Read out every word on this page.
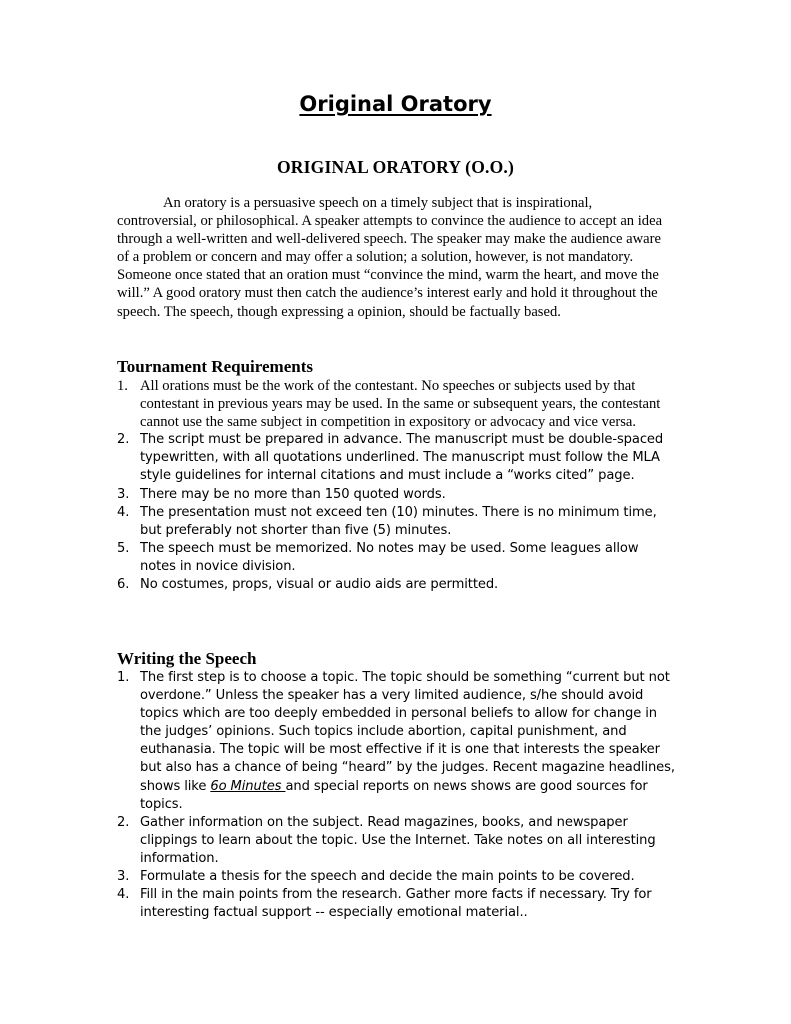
Original Oratory
ORIGINAL ORATORY (O.O.)

An oratory is a persuasive speech on a timely subject that is inspirational, controversial, or philosophical. A speaker attempts to convince the audience to accept an idea through a well-written and well-delivered speech. The speaker may make the audience aware of a problem or concern and may offer a solution; a solution, however, is not mandatory. Someone once stated that an oration must “convince the mind, warm the heart, and move the will.” A good oratory must then catch the audience’s interest early and hold it throughout the speech. The speech, though expressing a opinion, should be factually based.

Tournament Requirements
1. All orations must be the work of the contestant. No speeches or subjects used by that contestant in previous years may be used. In the same or subsequent years, the contestant cannot use the same subject in competition in expository or advocacy and vice versa.
2. The script must be prepared in advance. The manuscript must be double-spaced typewritten, with all quotations underlined. The manuscript must follow the MLA style guidelines for internal citations and must include a “works cited” page.
3. There may be no more than 150 quoted words.
4. The presentation must not exceed ten (10) minutes. There is no minimum time, but preferably not shorter than five (5) minutes.
5. The speech must be memorized. No notes may be used. Some leagues allow notes in novice division.
6. No costumes, props, visual or audio aids are permitted.
Writing the Speech
1. The first step is to choose a topic. The topic should be something “current but not overdone.” Unless the speaker has a very limited audience, s/he should avoid topics which are too deeply embedded in personal beliefs to allow for change in the judges’ opinions. Such topics include abortion, capital punishment, and euthanasia. The topic will be most effective if it is one that interests the speaker but also has a chance of being “heard” by the judges. Recent magazine headlines, shows like 6o Minutes and special reports on news shows are good sources for topics.
2. Gather information on the subject. Read magazines, books, and newspaper clippings to learn about the topic. Use the Internet. Take notes on all interesting information.
3. Formulate a thesis for the speech and decide the main points to be covered.
4. Fill in the main points from the research. Gather more facts if necessary. Try for interesting factual support -- especially emotional material..
